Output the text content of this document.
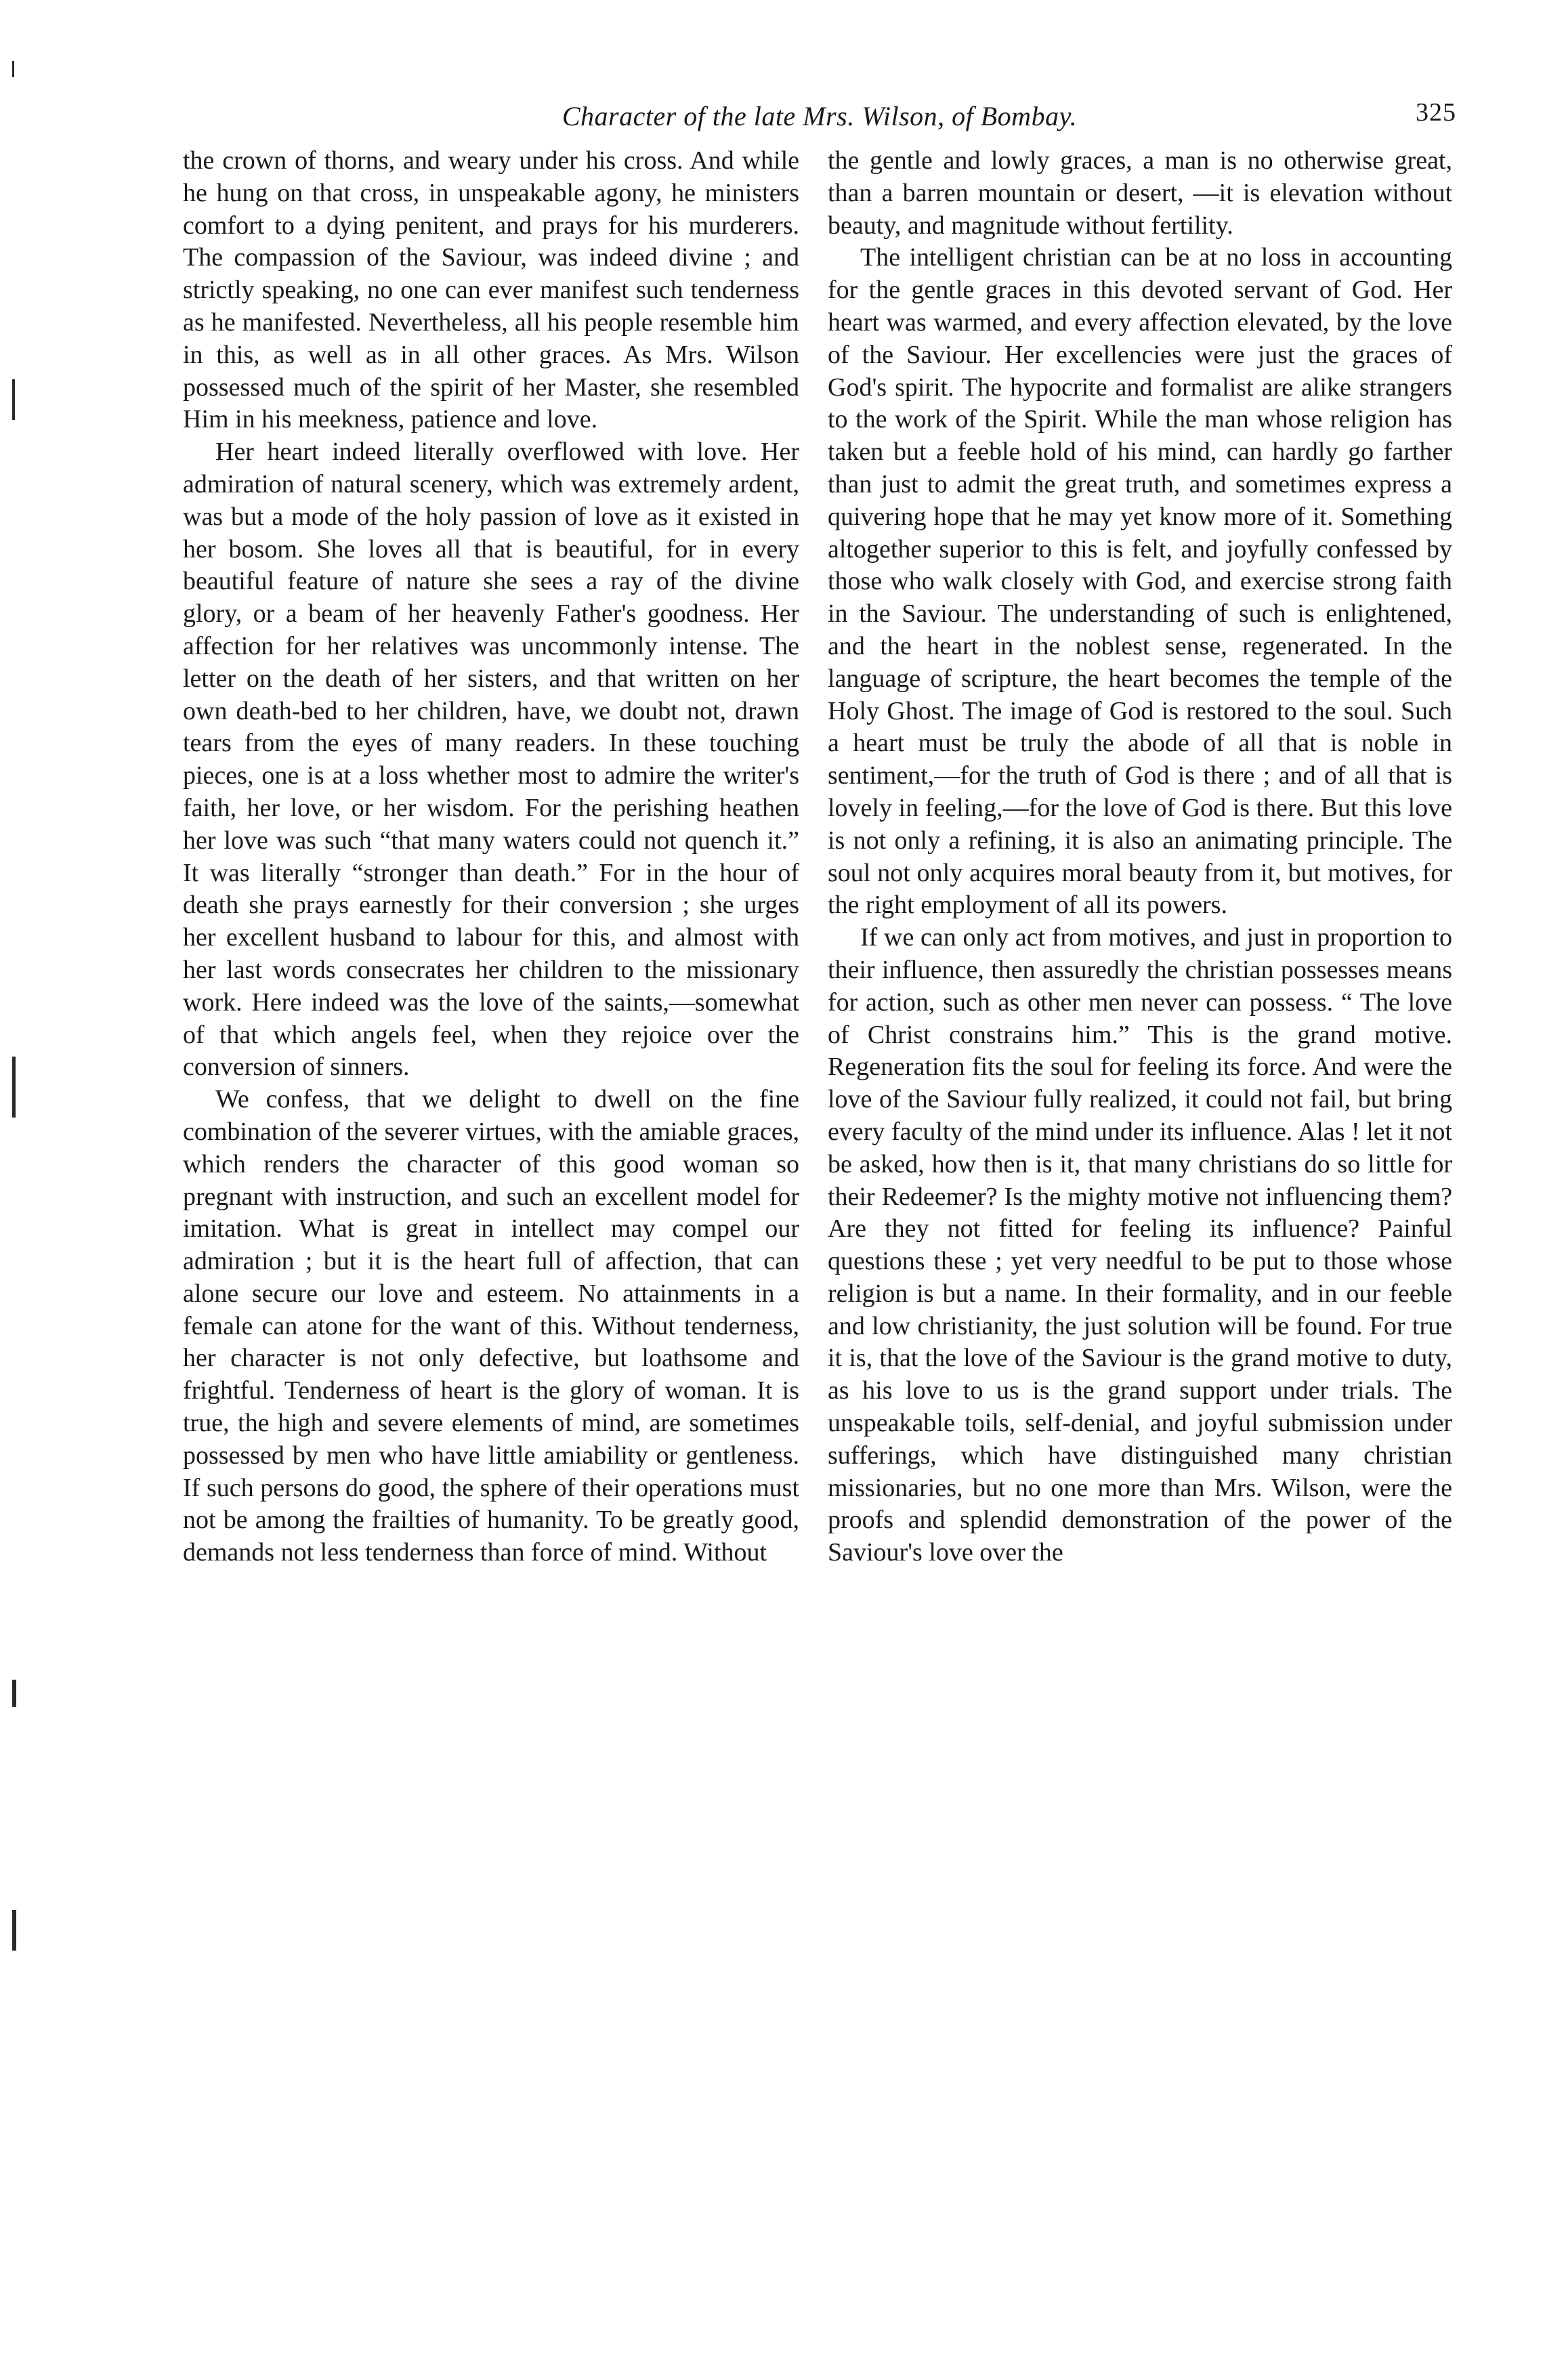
Character of the late Mrs. Wilson, of Bombay.	325

the crown of thorns, and weary under his cross. And while he hung on that cross, in unspeakable agony, he ministers comfort to a dying penitent, and prays for his murderers. The compassion of the Saviour, was indeed divine ; and strictly speaking, no one can ever manifest such tenderness as he manifested. Nevertheless, all his people resemble him in this, as well as in all other graces. As Mrs. Wilson possessed much of the spirit of her Master, she resembled Him in his meekness, patience and love.

Her heart indeed literally overflowed with love. Her admiration of natural scenery, which was extremely ardent, was but a mode of the holy passion of love as it existed in her bosom. She loves all that is beautiful, for in every beautiful feature of nature she sees a ray of the divine glory, or a beam of her heavenly Father's goodness. Her affection for her relatives was uncommonly intense. The letter on the death of her sisters, and that written on her own death-bed to her children, have, we doubt not, drawn tears from the eyes of many readers. In these touching pieces, one is at a loss whether most to admire the writer's faith, her love, or her wisdom. For the perishing heathen her love was such “that many waters could not quench it.” It was literally “stronger than death.” For in the hour of death she prays earnestly for their conversion ; she urges her excellent husband to labour for this, and almost with her last words consecrates her children to the missionary work. Here indeed was the love of the saints,—somewhat of that which angels feel, when they rejoice over the conversion of sinners.

We confess, that we delight to dwell on the fine combination of the severer virtues, with the amiable graces, which renders the character of this good woman so pregnant with instruction, and such an excellent model for imitation. What is great in intellect may compel our admiration ; but it is the heart full of affection, that can alone secure our love and esteem. No attainments in a female can atone for the want of this. Without tenderness, her character is not only defective, but loathsome and frightful. Tenderness of heart is the glory of woman. It is true, the high and severe elements of mind, are sometimes possessed by men who have little amiability or gentleness. If such persons do good, the sphere of their operations must not be among the frailties of humanity. To be greatly good, demands not less tenderness than force of mind. Without

the gentle and lowly graces, a man is no otherwise great, than a barren mountain or desert, —it is elevation without beauty, and magnitude without fertility.

The intelligent christian can be at no loss in accounting for the gentle graces in this devoted servant of God. Her heart was warmed, and every affection elevated, by the love of the Saviour. Her excellencies were just the graces of God's spirit. The hypocrite and formalist are alike strangers to the work of the Spirit. While the man whose religion has taken but a feeble hold of his mind, can hardly go farther than just to admit the great truth, and sometimes express a quivering hope that he may yet know more of it. Something altogether superior to this is felt, and joyfully confessed by those who walk closely with God, and exercise strong faith in the Saviour. The understanding of such is enlightened, and the heart in the noblest sense, regenerated. In the language of scripture, the heart becomes the temple of the Holy Ghost. The image of God is restored to the soul. Such a heart must be truly the abode of all that is noble in sentiment,—for the truth of God is there ; and of all that is lovely in feeling,—for the love of God is there. But this love is not only a refining, it is also an animating principle. The soul not only acquires moral beauty from it, but motives, for the right employment of all its powers.

If we can only act from motives, and just in proportion to their influence, then assuredly the christian possesses means for action, such as other men never can possess. “ The love of Christ constrains him.” This is the grand motive. Regeneration fits the soul for feeling its force. And were the love of the Saviour fully realized, it could not fail, but bring every faculty of the mind under its influence. Alas ! let it not be asked, how then is it, that many christians do so little for their Redeemer? Is the mighty motive not influencing them? Are they not fitted for feeling its influence? Painful questions these ; yet very needful to be put to those whose religion is but a name. In their formality, and in our feeble and low christianity, the just solution will be found. For true it is, that the love of the Saviour is the grand motive to duty, as his love to us is the grand support under trials. The unspeakable toils, self-denial, and joyful submission under sufferings, which have distinguished many christian missionaries, but no one more than Mrs. Wilson, were the proofs and splendid demonstration of the power of the Saviour's love over the
